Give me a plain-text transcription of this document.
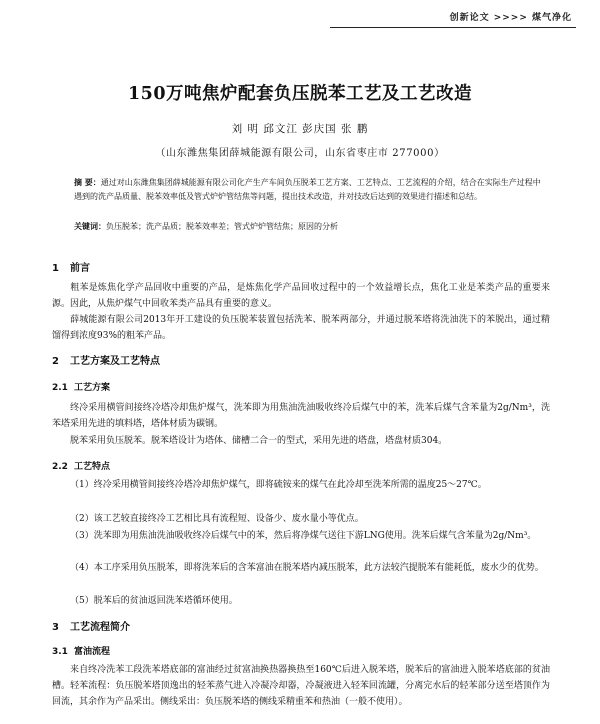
创新论文 >>>> 煤气净化
150万吨焦炉配套负压脱苯工艺及工艺改造
刘 明 邱文江 彭庆国 张 鹏
（山东潍焦集团薛城能源有限公司，山东省枣庄市 277000）
摘 要：通过对山东潍焦集团薛城能源有限公司化产生产车间负压脱苯工艺方案、工艺特点、工艺流程的介绍，结合在实际生产过程中遇到的洗产品质量、脱苯效率低及管式炉炉管结焦等问题，提出技术改造，并对技改后达到的效果进行描述和总结。
关键词：负压脱苯；洗产品质；脱苯效率差；管式炉炉管结焦；原因的分析
1 前言
粗苯是炼焦化学产品回收中重要的产品，是炼焦化学产品回收过程中的一个效益增长点，焦化工业是苯类产品的重要来源。因此，从焦炉煤气中回收苯类产品具有重要的意义。
薛城能源有限公司2013年开工建设的负压脱苯装置包括洗苯、脱苯两部分，并通过脱苯塔将洗油洗下的苯脱出，通过精馏得到浓度93%的粗苯产品。
2 工艺方案及工艺特点
2.1 工艺方案
终冷采用横管间接终冷塔冷却焦炉煤气，洗苯即为用焦油洗油吸收终冷后煤气中的苯，洗苯后煤气含苯量为2g/Nm³，洗苯塔采用先进的填料塔，塔体材质为碳钢。
脱苯采用负压脱苯。脱苯塔设计为塔体、储槽二合一的型式，采用先进的塔盘，塔盘材质304。
2.2 工艺特点
（1）终冷采用横管间接终冷塔冷却焦炉煤气，即将硫铵来的煤气在此冷却至洗苯所需的温度25～27℃。
（2）该工艺较直接终冷工艺相比具有流程短、设备少、废水量小等优点。
（3）洗苯即为用焦油洗油吸收终冷后煤气中的苯，然后将净煤气送往下游LNG使用。洗苯后煤气含苯量为2g/Nm³。
（4）本工序采用负压脱苯，即将洗苯后的含苯富油在脱苯塔内减压脱苯，此方法较汽提脱苯有能耗低，废水少的优势。
（5）脱苯后的贫油返回洗苯塔循环使用。
3 工艺流程简介
3.1 富油流程
来自终冷洗苯工段洗苯塔底部的富油经过贫富油换热器换热至160℃后进入脱苯塔，脱苯后的富油进入脱苯塔底部的贫油槽。轻苯流程：负压脱苯塔顶逸出的轻苯蒸气进入冷凝冷却器，冷凝液进入轻苯回流罐，分离完水后的轻苯部分送至塔顶作为回流，其余作为产品采出。侧线采出：负压脱苯塔的侧线采精重苯和热油（一般不使用）。
